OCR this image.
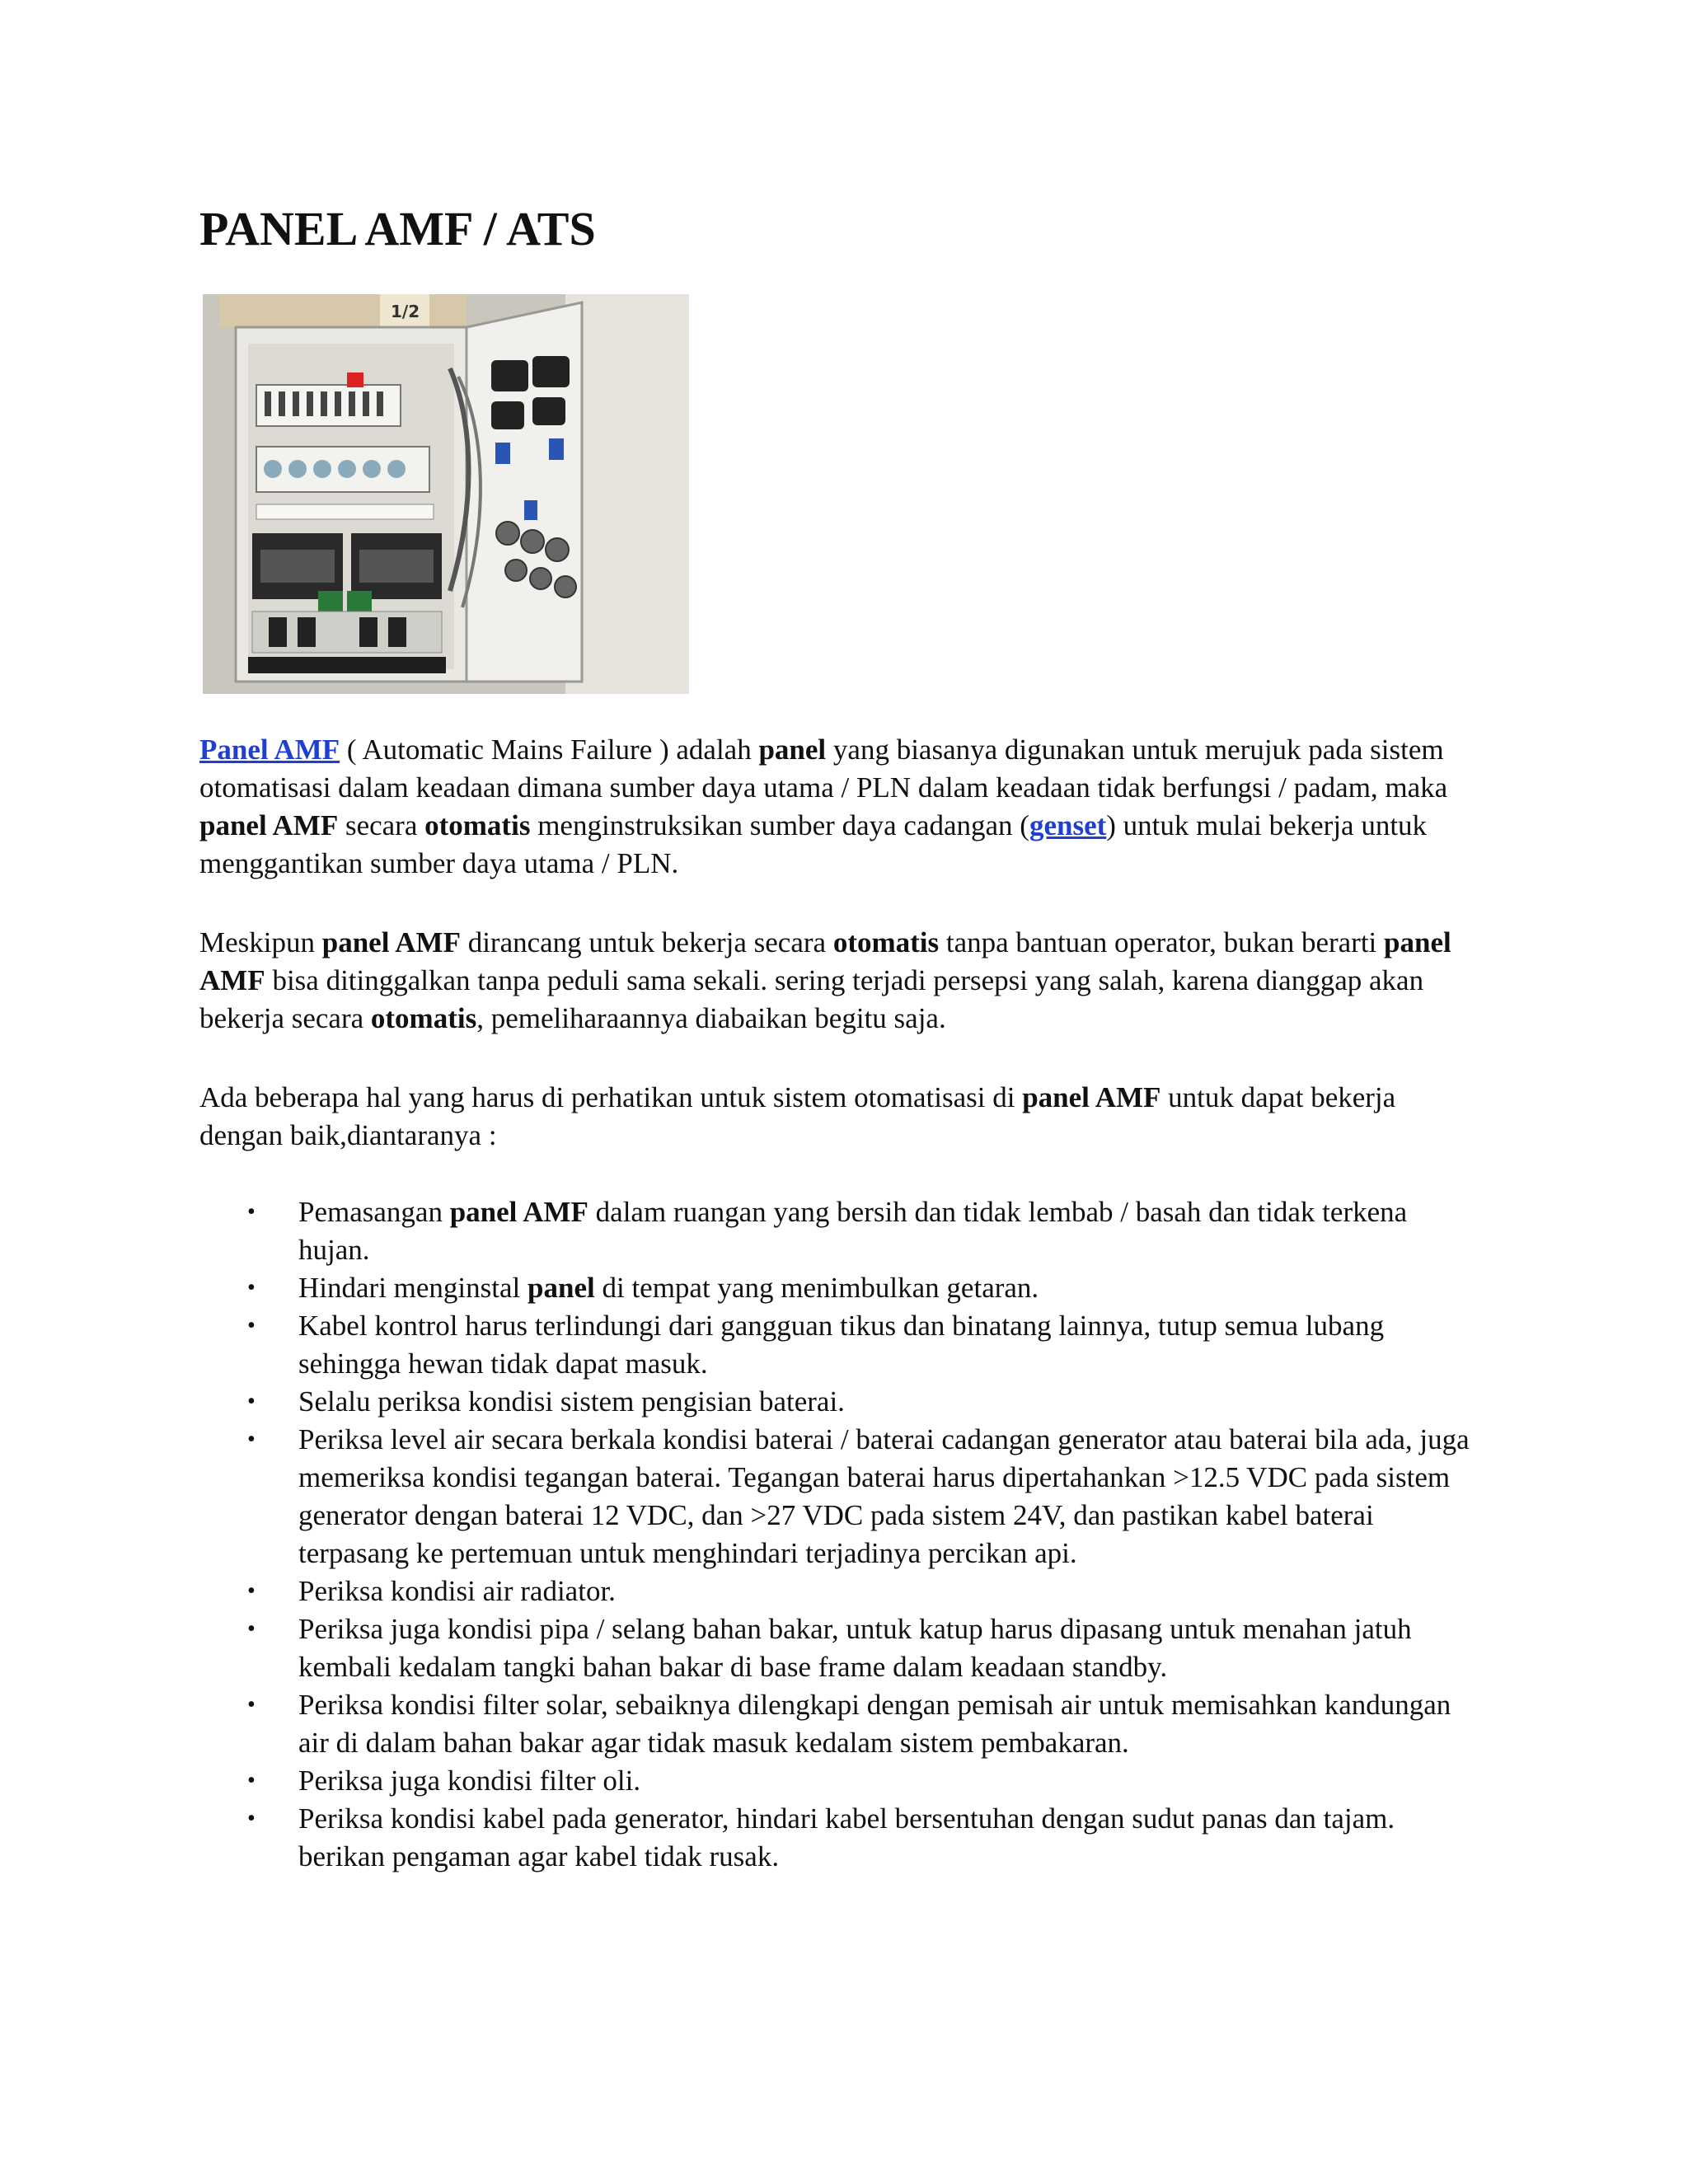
PANEL AMF / ATS
1/2

Panel AMF ( Automatic Mains Failure ) adalah panel yang biasanya digunakan untuk merujuk pada sistem otomatisasi dalam keadaan dimana sumber daya utama / PLN dalam keadaan tidak berfungsi / padam, maka panel AMF secara otomatis menginstruksikan sumber daya cadangan (genset) untuk mulai bekerja untuk menggantikan sumber daya utama / PLN.

Meskipun panel AMF dirancang untuk bekerja secara otomatis tanpa bantuan operator, bukan berarti panel AMF bisa ditinggalkan tanpa peduli sama sekali. sering terjadi persepsi yang salah, karena dianggap akan bekerja secara otomatis, pemeliharaannya diabaikan begitu saja.

Ada beberapa hal yang harus di perhatikan untuk sistem otomatisasi di panel AMF untuk dapat bekerja dengan baik,diantaranya :

• Pemasangan panel AMF dalam ruangan yang bersih dan tidak lembab / basah dan tidak terkena hujan.
• Hindari menginstal panel di tempat yang menimbulkan getaran.
• Kabel kontrol harus terlindungi dari gangguan tikus dan binatang lainnya, tutup semua lubang sehingga hewan tidak dapat masuk.
• Selalu periksa kondisi sistem pengisian baterai.
• Periksa level air secara berkala kondisi baterai / baterai cadangan generator atau baterai bila ada, juga memeriksa kondisi tegangan baterai. Tegangan baterai harus dipertahankan >12.5 VDC pada sistem generator dengan baterai 12 VDC, dan >27 VDC pada sistem 24V, dan pastikan kabel baterai terpasang ke pertemuan untuk menghindari terjadinya percikan api.
• Periksa kondisi air radiator.
• Periksa juga kondisi pipa / selang bahan bakar, untuk katup harus dipasang untuk menahan jatuh kembali kedalam tangki bahan bakar di base frame dalam keadaan standby.
• Periksa kondisi filter solar, sebaiknya dilengkapi dengan pemisah air untuk memisahkan kandungan air di dalam bahan bakar agar tidak masuk kedalam sistem pembakaran.
• Periksa juga kondisi filter oli.
• Periksa kondisi kabel pada generator, hindari kabel bersentuhan dengan sudut panas dan tajam. berikan pengaman agar kabel tidak rusak.
